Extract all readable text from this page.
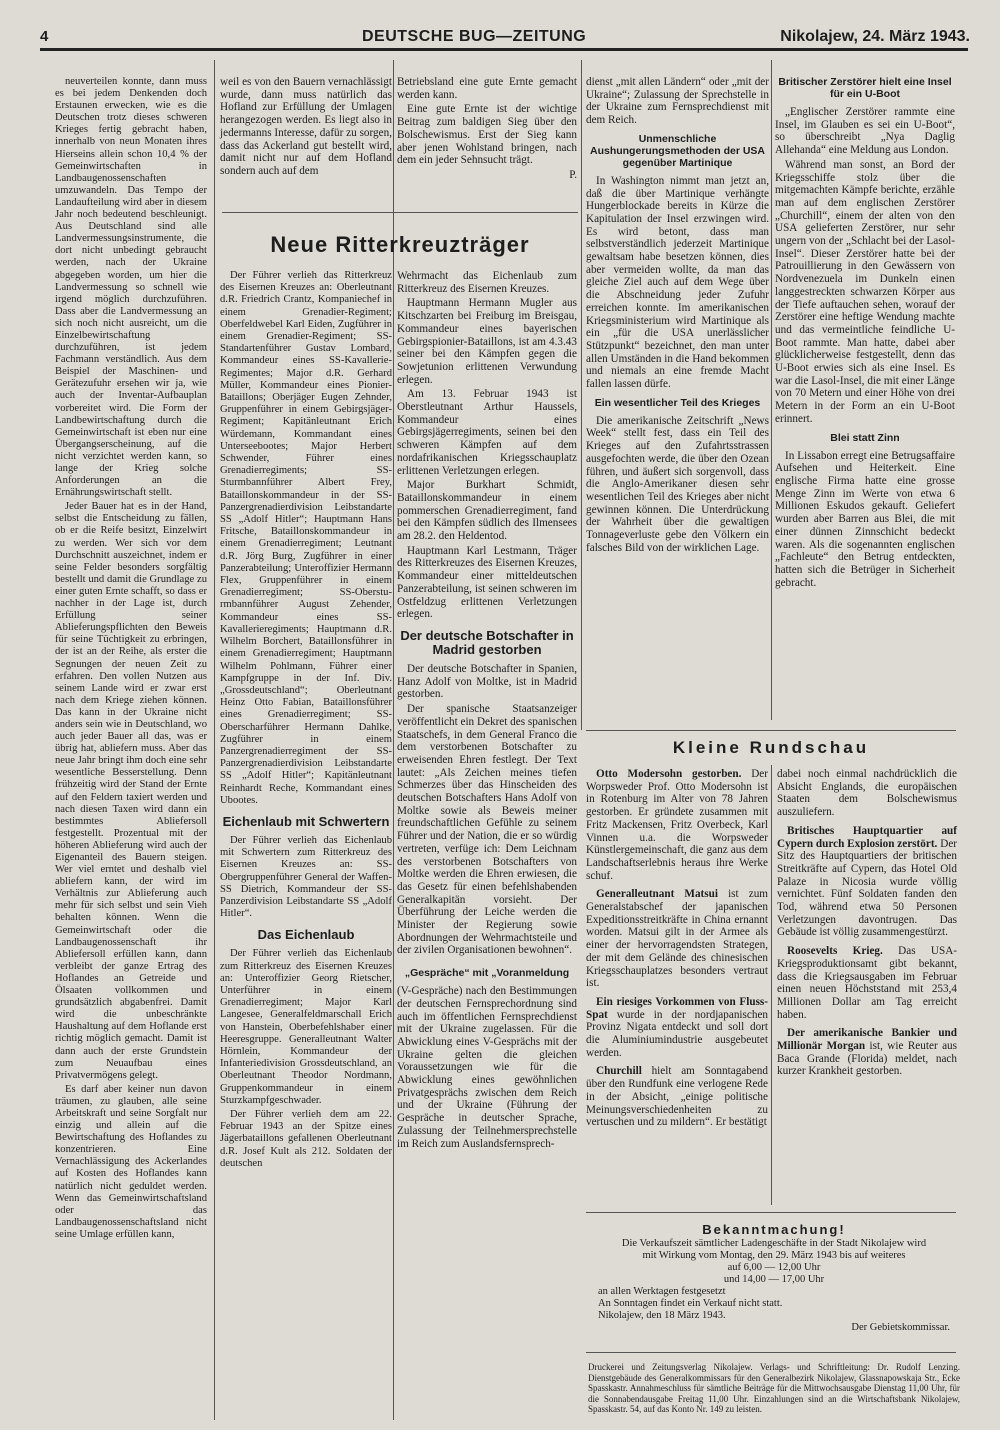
4	DEUTSCHE BUG—ZEITUNG	Nikolajew, 24. März 1943.

neuverteilen konnte, dann muss es bei jedem Denkenden doch Erstaunen erwecken, wie es die Deutschen trotz dieses schweren Krieges fertig gebracht haben, innerhalb von neun Monaten ihres Hierseins allein schon 10,4 % der Gemeinwirtschaften in Landbaugenossenschaften umzuwandeln. Das Tempo der Landaufteilung wird aber in diesem Jahr noch bedeutend beschleunigt. Aus Deutschland sind alle Landvermessungsinstrumente, die dort nicht unbedingt gebraucht werden, nach der Ukraine abgegeben worden, um hier die Landvermessung so schnell wie irgend möglich durchzuführen. Dass aber die Landvermessung an sich noch nicht ausreicht, um die Einzelbewirtschaftung durchzuführen, ist jedem Fachmann verständlich. Aus dem Beispiel der Maschinen- und Gerätezufuhr ersehen wir ja, wie auch der Inventar-Aufbauplan vorbereitet wird. Die Form der Landbewirtschaftung durch die Gemeinwirtschaft ist eben nur eine Übergangserscheinung, auf die nicht verzichtet werden kann, so lange der Krieg solche Anforderungen an die Ernährungswirtschaft stellt.

Jeder Bauer hat es in der Hand, selbst die Entscheidung zu fällen, ob er die Reife besitzt, Einzelwirt zu werden. Wer sich vor dem Durchschnitt auszeichnet, indem er seine Felder besonders sorgfältig bestellt und damit die Grundlage zu einer guten Ernte schafft, so dass er nachher in der Lage ist, durch Erfüllung seiner Ablieferungspflichten den Beweis für seine Tüchtigkeit zu erbringen, der ist an der Reihe, als erster die Segnungen der neuen Zeit zu erfahren. Den vollen Nutzen aus seinem Lande wird er zwar erst nach dem Kriege ziehen können. Das kann in der Ukraine nicht anders sein wie in Deutschland, wo auch jeder Bauer all das, was er übrig hat, abliefern muss. Aber das neue Jahr bringt ihm doch eine sehr wesentliche Besserstellung. Denn frühzeitig wird der Stand der Ernte auf den Feldern taxiert werden und nach diesen Taxen wird dann ein bestimmtes Abliefersoll festgestellt. Prozentual mit der höheren Ablieferung wird auch der Eigenanteil des Bauern steigen. Wer viel erntet und deshalb viel abliefern kann, der wird im Verhältnis zur Ablieferung auch mehr für sich selbst und sein Vieh behalten können. Wenn die Gemeinwirtschaft oder die Landbaugenossenschaft ihr Abliefersoll erfüllen kann, dann verbleibt der ganze Ertrag des Hoflandes an Getreide und Ölsaaten vollkommen und grundsätzlich abgabenfrei. Damit wird die unbeschränkte Haushaltung auf dem Hoflande erst richtig möglich gemacht. Damit ist dann auch der erste Grundstein zum Neuaufbau eines Privatvermögens gelegt.

Es darf aber keiner nun davon träumen, zu glauben, alle seine Arbeitskraft und seine Sorgfalt nur einzig und allein auf die Bewirtschaftung des Hoflandes zu konzentrieren. Eine Vernachlässigung des Ackerlandes auf Kosten des Hoflandes kann natürlich nicht geduldet werden. Wenn das Gemeinwirtschaftsland oder das Landbaugenossenschaftsland nicht seine Umlage erfüllen kann,

weil es von den Bauern vernachlässigt wurde, dann muss natürlich das Hofland zur Erfüllung der Umlagen herangezogen werden. Es liegt also in jedermanns Interesse, dafür zu sorgen, dass das Ackerland gut bestellt wird, damit nicht nur auf dem Hofland sondern auch auf dem

Betriebsland eine gute Ernte gemacht werden kann.

Eine gute Ernte ist der wichtige Beitrag zum baldigen Sieg über den Bolschewismus. Erst der Sieg kann aber jenen Wohlstand bringen, nach dem ein jeder Sehnsucht trägt.

P.

Neue Ritterkreuzträger

Der Führer verlieh das Ritterkreuz des Eisernen Kreuzes an: Oberleutnant d.R. Friedrich Crantz, Kompaniechef in einem Grenadier-Regiment; Oberfeldwebel Karl Eiden, Zugführer in einem Grenadier-Regiment; SS-Standartenführer Gustav Lombard, Kommandeur eines SS-Kavallerie-Regimentes; Major d.R. Gerhard Müller, Kommandeur eines Pionier-Bataillons; Oberjäger Eugen Zehnder, Gruppenführer in einem Gebirgsjäger-Regiment; Kapitänleutnant Erich Würdemann, Kommandant eines Unterseebootes; Major Herbert Schwender, Führer eines Grenadierregiments; SS-Sturmbannführer Albert Frey, Bataillonskommandeur in der SS-Panzergrenadierdivision Leibstandarte SS „Adolf Hitler“; Hauptmann Hans Fritsche, Bataillonskommandeur in einem Grenadierregiment; Leutnant d.R. Jörg Burg, Zugführer in einer Panzerabteilung; Unteroffizier Hermann Flex, Gruppenführer in einem Grenadierregiment; SS-Obersturmbannführer August Zehender, Kommandeur eines SS-Kavallerieregiments; Hauptmann d.R. Wilhelm Borchert, Bataillonsführer in einem Grenadierregiment; Hauptmann Wilhelm Pohlmann, Führer einer Kampfgruppe in der Inf. Div. „Grossdeutschland“; Oberleutnant Heinz Otto Fabian, Bataillonsführer eines Grenadierregiment; SS-Oberscharführer Hermann Dahlke, Zugführer in einem Panzergrenadierregiment der SS-Panzergrenadierdivision Leibstandarte SS „Adolf Hitler“; Kapitänleutnant Reinhardt Reche, Kommandant eines Ubootes.

Eichenlaub mit Schwertern

Der Führer verlieh das Eichenlaub mit Schwertern zum Ritterkreuz des Eisernen Kreuzes an: SS-Obergruppenführer General der Waffen-SS Dietrich, Kommandeur der SS-Panzerdivision Leibstandarte SS „Adolf Hitler“.

Das Eichenlaub

Der Führer verlieh das Eichenlaub zum Ritterkreuz des Eisernen Kreuzes an: Unteroffizier Georg Rietscher, Unterführer in einem Grenadierregiment; Major Karl Langesee, Generalfeldmarschall Erich von Hanstein, Oberbefehlshaber einer Heeresgruppe. Generalleutnant Walter Hörnlein, Kommandeur der Infanteriedivision Grossdeutschland, an Oberleutnant Theodor Nordmann, Gruppenkommandeur in einem Sturzkampfgeschwader.

Der Führer verlieh dem am 22. Februar 1943 an der Spitze eines Jägerbataillons gefallenen Oberleutnant d.R. Josef Kult als 212. Soldaten der deutschen

Wehrmacht das Eichenlaub zum Ritterkreuz des Eisernen Kreuzes.

Hauptmann Hermann Mugler aus Kitschzarten bei Freiburg im Breisgau, Kommandeur eines bayerischen Gebirgspionier-Bataillons, ist am 4.3.43 seiner bei den Kämpfen gegen die Sowjetunion erlittenen Verwundung erlegen.

Am 13. Februar 1943 ist Oberstleutnant Arthur Haussels, Kommandeur eines Gebirgsjägerregiments, seinen bei den schweren Kämpfen auf dem nordafrikanischen Kriegsschauplatz erlittenen Verletzungen erlegen.

Major Burkhart Schmidt, Bataillonskommandeur in einem pommerschen Grenadierregiment, fand bei den Kämpfen südlich des Ilmensees am 28.2. den Heldentod.

Hauptmann Karl Lestmann, Träger des Ritterkreuzes des Eisernen Kreuzes, Kommandeur einer mitteldeutschen Panzerabteilung, ist seinen schweren im Ostfeldzug erlittenen Verletzungen erlegen.

Der deutsche Botschafter in Madrid gestorben

Der deutsche Botschafter in Spanien, Hanz Adolf von Moltke, ist in Madrid gestorben.

Der spanische Staatsanzeiger veröffentlicht ein Dekret des spanischen Staatschefs, in dem General Franco die dem verstorbenen Botschafter zu erweisenden Ehren festlegt. Der Text lautet: „Als Zeichen meines tiefen Schmerzes über das Hinscheiden des deutschen Botschafters Hans Adolf von Moltke sowie als Beweis meiner freundschaftlichen Gefühle zu seinem Führer und der Nation, die er so würdig vertreten, verfüge ich: Dem Leichnam des verstorbenen Botschafters von Moltke werden die Ehren erwiesen, die das Gesetz für einen befehlshabenden Generalkapitän vorsieht. Der Überführung der Leiche werden die Minister der Regierung sowie Abordnungen der Wehrmachtsteile und der zivilen Organisationen bewohnen“.

„Gespräche“ mit „Voranmeldung

(V-Gespräche) nach den Bestimmungen der deutschen Fernsprechordnung sind auch im öffentlichen Fernsprechdienst mit der Ukraine zugelassen. Für die Abwicklung eines V-Gesprächs mit der Ukraine gelten die gleichen Voraussetzungen wie für die Abwicklung eines gewöhnlichen Privatgesprächs zwischen dem Reich und der Ukraine (Führung der Gespräche in deutscher Sprache, Zulassung der Teilnehmersprechstelle im Reich zum Auslandsfernsprech-

dienst „mit allen Ländern“ oder „mit der Ukraine“; Zulassung der Sprechstelle in der Ukraine zum Fernsprechdienst mit dem Reich.

Unmenschliche Aushungerungsmethoden der USA gegenüber Martinique

In Washington nimmt man jetzt an, daß die über Martinique verhängte Hungerblockade bereits in Kürze die Kapitulation der Insel erzwingen wird. Es wird betont, dass man selbstverständlich jederzeit Martinique gewaltsam habe besetzen können, dies aber vermeiden wollte, da man das gleiche Ziel auch auf dem Wege über die Abschneidung jeder Zufuhr erreichen konnte. Im amerikanischen Kriegsministerium wird Martinique als ein „für die USA unerlässlicher Stützpunkt“ bezeichnet, den man unter allen Umständen in die Hand bekommen und niemals an eine fremde Macht fallen lassen dürfe.

Ein wesentlicher Teil des Krieges

Die amerikanische Zeitschrift „News Week“ stellt fest, dass ein Teil des Krieges auf den Zufahrtsstrassen ausgefochten werde, die über den Ozean führen, und äußert sich sorgenvoll, dass die Anglo-Amerikaner diesen sehr wesentlichen Teil des Krieges aber nicht gewinnen können. Die Unterdrückung der Wahrheit über die gewaltigen Tonnageverluste gebe den Völkern ein falsches Bild von der wirklichen Lage.

Britischer Zerstörer hielt eine Insel für ein U-Boot

„Englischer Zerstörer rammte eine Insel, im Glauben es sei ein U-Boot“, so überschreibt „Nya Daglig Allehanda“ eine Meldung aus London.

Während man sonst, an Bord der Kriegsschiffe stolz über die mitgemachten Kämpfe berichte, erzähle man auf dem englischen Zerstörer „Churchill“, einem der alten von den USA gelieferten Zerstörer, nur sehr ungern von der „Schlacht bei der Lasol-Insel“. Dieser Zerstörer hatte bei der Patrouillierung in den Gewässern von Nordvenezuela im Dunkeln einen langgestreckten schwarzen Körper aus der Tiefe auftauchen sehen, worauf der Zerstörer eine heftige Wendung machte und das vermeintliche feindliche U-Boot rammte. Man hatte, dabei aber glücklicherweise festgestellt, denn das U-Boot erwies sich als eine Insel. Es war die Lasol-Insel, die mit einer Länge von 70 Metern und einer Höhe von drei Metern in der Form an ein U-Boot erinnert.

Blei statt Zinn

In Lissabon erregt eine Betrugsaffaire Aufsehen und Heiterkeit. Eine englische Firma hatte eine grosse Menge Zinn im Werte von etwa 6 Millionen Eskudos gekauft. Geliefert wurden aber Barren aus Blei, die mit einer dünnen Zinnschicht bedeckt waren. Als die sogenannten englischen „Fachleute“ den Betrug entdeckten, hatten sich die Betrüger in Sicherheit gebracht.

Kleine Rundschau

Otto Modersohn gestorben. Der Worpsweder Prof. Otto Modersohn ist in Rotenburg im Alter von 78 Jahren gestorben. Er gründete zusammen mit Fritz Mackensen, Fritz Overbeck, Karl Vinnen u.a. die Worpsweder Künstlergemeinschaft, die ganz aus dem Landschaftserlebnis heraus ihre Werke schuf.

Generalleutnant Matsui ist zum Generalstabschef der japanischen Expeditionsstreitkräfte in China ernannt worden. Matsui gilt in der Armee als einer der hervorragendsten Strategen, der mit dem Gelände des chinesischen Kriegsschauplatzes besonders vertraut ist.

Ein riesiges Vorkommen von Fluss-Spat wurde in der nordjapanischen Provinz Nigata entdeckt und soll dort die Aluminiumindustrie ausgebeutet werden.

Churchill hielt am Sonntagabend über den Rundfunk eine verlogene Rede in der Absicht, „einige politische Meinungsverschiedenheiten zu vertuschen und zu mildern“. Er bestätigt

dabei noch einmal nachdrücklich die Absicht Englands, die europäischen Staaten dem Bolschewismus auszuliefern.

Britisches Hauptquartier auf Cypern durch Explosion zerstört. Der Sitz des Hauptquartiers der britischen Streitkräfte auf Cypern, das Hotel Old Palaze in Nicosia wurde völlig vernichtet. Fünf Soldaten fanden den Tod, während etwa 50 Personen Verletzungen davontrugen. Das Gebäude ist völlig zusammengestürzt.

Roosevelts Krieg. Das USA-Kriegsproduktionsamt gibt bekannt, dass die Kriegsausgaben im Februar einen neuen Höchststand mit 253,4 Millionen Dollar am Tag erreicht haben.

Der amerikanische Bankier und Millionär Morgan ist, wie Reuter aus Baca Grande (Florida) meldet, nach kurzer Krankheit gestorben.

Bekanntmachung!
Die Verkaufszeit sämtlicher Ladengeschäfte in der Stadt Nikolajew wird
mit Wirkung vom Montag, den 29. März 1943 bis auf weiteres
auf 6,00 — 12,00 Uhr
und 14,00 — 17,00 Uhr
an allen Werktagen festgesetzt
An Sonntagen findet ein Verkauf nicht statt.
Nikolajew, den 18 März 1943.
Der Gebietskommissar.
Druckerei und Zeitungsverlag Nikolajew. Verlags- und Schriftleitung: Dr. Rudolf Lenzing. Dienstgebäude des Generalkommissars für den Generalbezirk Nikolajew, Glassnapowskaja Str., Ecke Spasskastr. Annahmeschluss für sämtliche Beiträge für die Mittwochsausgabe Dienstag 11,00 Uhr, für die Sonnabendausgabe Freitag 11,00 Uhr. Einzahlungen sind an die Wirtschaftsbank Nikolajew, Spasskastr. 54, auf das Konto Nr. 149 zu leisten.
